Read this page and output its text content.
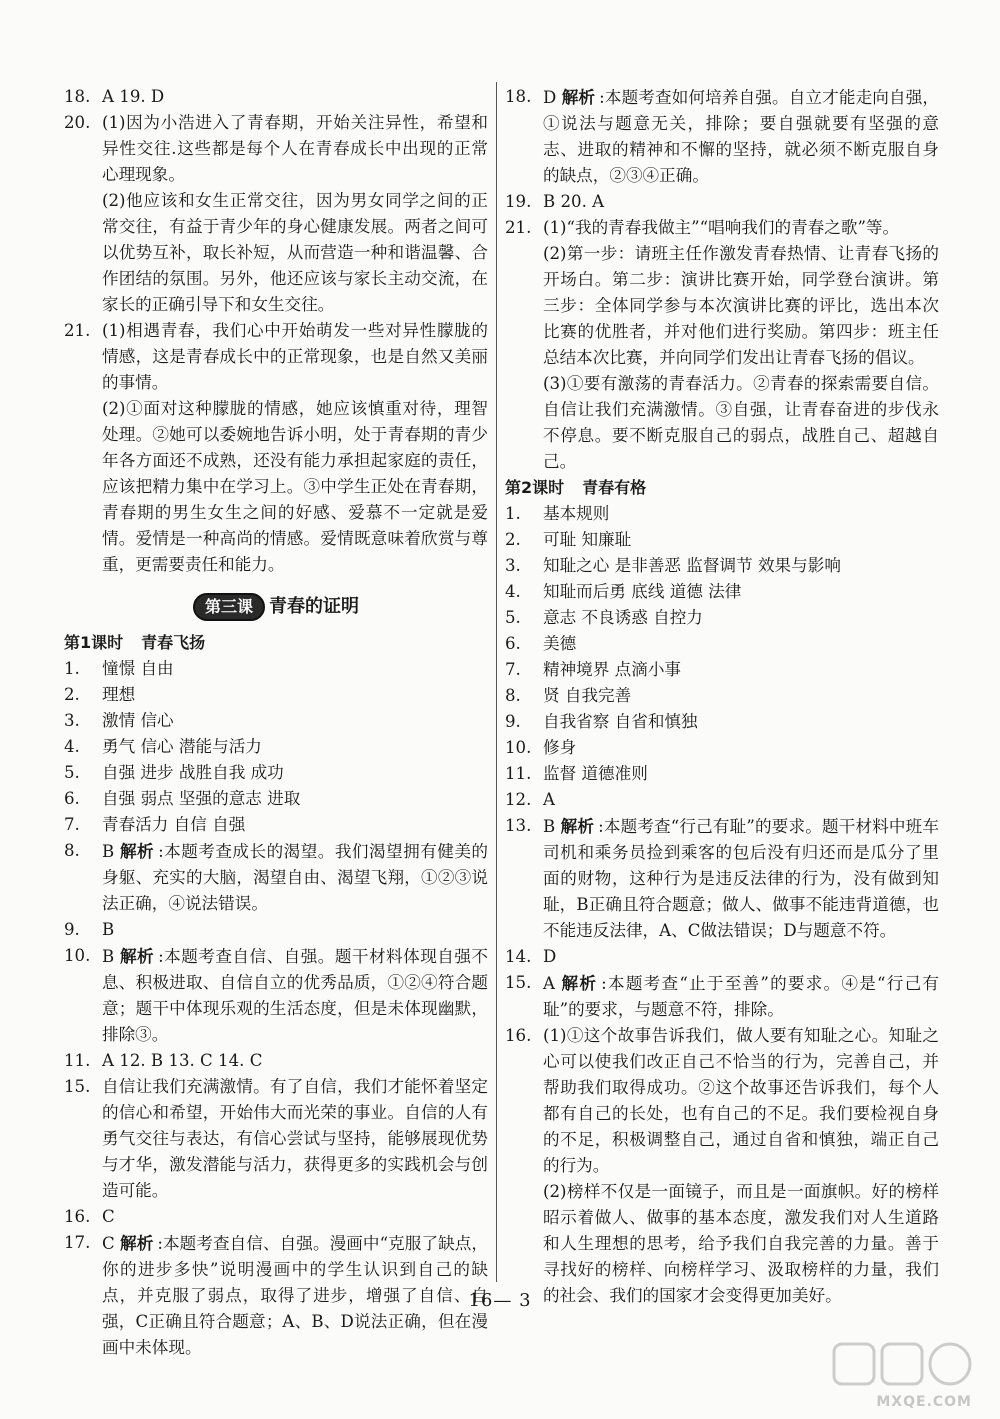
18. A 19. D
20. (1)因为小浩进入了青春期，开始关注异性，希望和异性交往.这些都是每个人在青春成长中出现的正常心理现象。

(2)他应该和女生正常交往，因为男女同学之间的正常交往，有益于青少年的身心健康发展。两者之间可以优势互补，取长补短，从而营造一种和谐温馨、合作团结的氛围。另外，他还应该与家长主动交流，在家长的正确引导下和女生交往。

21. (1)相遇青春，我们心中开始萌发一些对异性朦胧的情感，这是青春成长中的正常现象，也是自然又美丽的事情。

(2)①面对这种朦胧的情感，她应该慎重对待，理智处理。②她可以委婉地告诉小明，处于青春期的青少年各方面还不成熟，还没有能力承担起家庭的责任，应该把精力集中在学习上。③中学生正处在青春期，青春期的男生女生之间的好感、爱慕不一定就是爱情。爱情是一种高尚的情感。爱情既意味着欣赏与尊重，更需要责任和能力。

第三课 青春的证明
第1课时 青春飞扬
1.	憧憬 自由
2.	理想
3.	激情 信心
4.	勇气 信心 潜能与活力
5.	自强 进步 战胜自我 成功
6.	自强 弱点 坚强的意志 进取
7.	青春活力 自信 自强
8.	B 解析 :本题考查成长的渴望。我们渴望拥有健美的身躯、充实的大脑，渴望自由、渴望飞翔，①②③说法正确，④说法错误。
9.	B
10. B 解析 :本题考查自信、自强。题干材料体现自强不息、积极进取、自信自立的优秀品质，①②④符合题意；题干中体现乐观的生活态度，但是未体现幽默，排除③。
11. A 12. B 13. C 14. C
15. 自信让我们充满激情。有了自信，我们才能怀着坚定的信心和希望，开始伟大而光荣的事业。自信的人有勇气交往与表达，有信心尝试与坚持，能够展现优势与才华，激发潜能与活力，获得更多的实践机会与创造可能。
16. C
17. C 解析 :本题考查自信、自强。漫画中“克服了缺点，你的进步多快”说明漫画中的学生认识到自己的缺点，并克服了弱点，取得了进步，增强了自信、自强，C正确且符合题意；A、B、D说法正确，但在漫画中未体现。
18. D 解析 :本题考查如何培养自强。自立才能走向自强，①说法与题意无关，排除；要自强就要有坚强的意志、进取的精神和不懈的坚持，就必须不断克服自身的缺点，②③④正确。
19. B 20. A
21. (1)“我的青春我做主”“唱响我们的青春之歌”等。

(2)第一步：请班主任作激发青春热情、让青春飞扬的开场白。第二步：演讲比赛开始，同学登台演讲。第三步：全体同学参与本次演讲比赛的评比，选出本次比赛的优胜者，并对他们进行奖励。第四步：班主任总结本次比赛，并向同学们发出让青春飞扬的倡议。

(3)①要有激荡的青春活力。②青春的探索需要自信。自信让我们充满激情。③自强，让青春奋进的步伐永不停息。要不断克服自己的弱点，战胜自己、超越自己。

第2课时 青春有格
1.	基本规则
2.	可耻 知廉耻
3.	知耻之心 是非善恶 监督调节 效果与影响
4.	知耻而后勇 底线 道德 法律
5.	意志 不良诱惑 自控力
6.	美德
7.	精神境界 点滴小事
8.	贤 自我完善
9.	自我省察 自省和慎独
10. 修身
11. 监督 道德准则
12. A
13. B 解析 :本题考查“行己有耻”的要求。题干材料中班车司机和乘务员捡到乘客的包后没有归还而是瓜分了里面的财物，这种行为是违反法律的行为，没有做到知耻，B正确且符合题意；做人、做事不能违背道德，也不能违反法律，A、C做法错误；D与题意不符。
14. D
15. A 解析 :本题考查“止于至善”的要求。④是“行己有耻”的要求，与题意不符，排除。
16. (1)①这个故事告诉我们，做人要有知耻之心。知耻之心可以使我们改正自己不恰当的行为，完善自己，并帮助我们取得成功。②这个故事还告诉我们，每个人都有自己的长处，也有自己的不足。我们要检视自身的不足，积极调整自己，通过自省和慎独，端正自己的行为。

(2)榜样不仅是一面镜子，而且是一面旗帜。好的榜样昭示着做人、做事的基本态度，激发我们对人生道路和人生理想的思考，给予我们自我完善的力量。善于寻找好的榜样、向榜样学习、汲取榜样的力量，我们的社会、我们的国家才会变得更加美好。

16— 3
MXQE.COM
